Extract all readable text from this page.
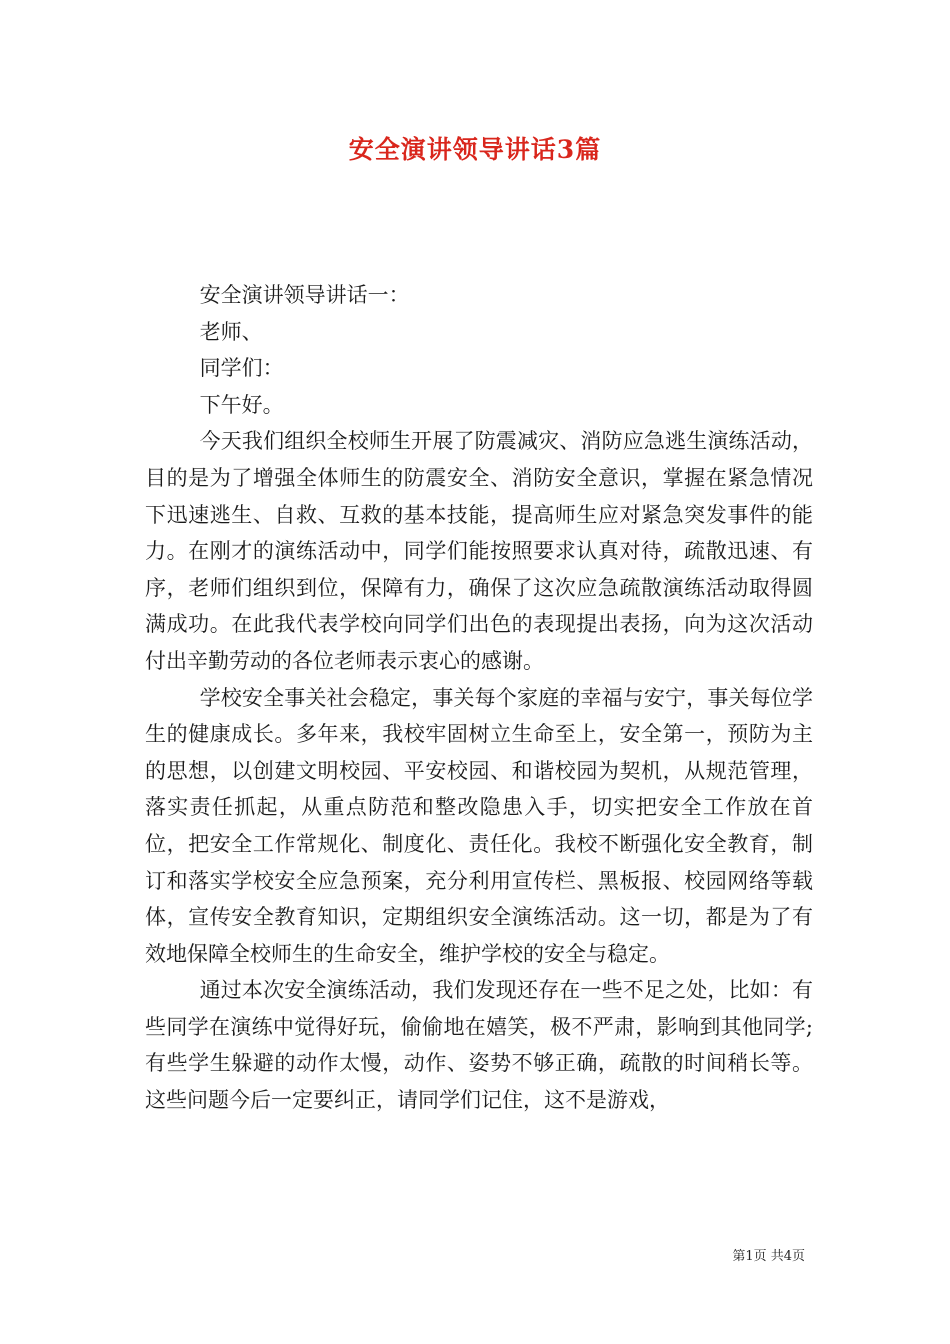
安全演讲领导讲话3篇

安全演讲领导讲话一：

老师、

同学们：

下午好。

今天我们组织全校师生开展了防震减灾、消防应急逃生演练活动，目的是为了增强全体师生的防震安全、消防安全意识，掌握在紧急情况下迅速逃生、自救、互救的基本技能，提高师生应对紧急突发事件的能力。在刚才的演练活动中，同学们能按照要求认真对待，疏散迅速、有序，老师们组织到位，保障有力，确保了这次应急疏散演练活动取得圆满成功。在此我代表学校向同学们出色的表现提出表扬，向为这次活动付出辛勤劳动的各位老师表示衷心的感谢。

学校安全事关社会稳定，事关每个家庭的幸福与安宁，事关每位学生的健康成长。多年来，我校牢固树立生命至上，安全第一，预防为主的思想，以创建文明校园、平安校园、和谐校园为契机，从规范管理，落实责任抓起，从重点防范和整改隐患入手，切实把安全工作放在首位，把安全工作常规化、制度化、责任化。我校不断强化安全教育，制订和落实学校安全应急预案，充分利用宣传栏、黑板报、校园网络等载体，宣传安全教育知识，定期组织安全演练活动。这一切，都是为了有效地保障全校师生的生命安全，维护学校的安全与稳定。

通过本次安全演练活动，我们发现还存在一些不足之处，比如：有些同学在演练中觉得好玩，偷偷地在嬉笑，极不严肃，影响到其他同学;有些学生躲避的动作太慢，动作、姿势不够正确，疏散的时间稍长等。这些问题今后一定要纠正，请同学们记住，这不是游戏，

第1页 共4页
